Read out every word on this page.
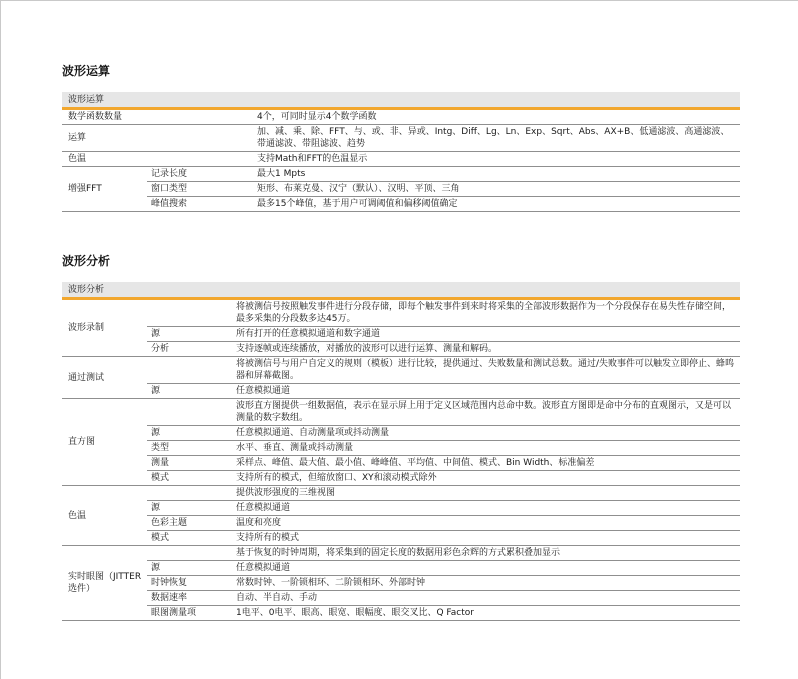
波形运算
波形运算		
数学函数数量		4个，可同时显示4个数学函数
运算		加、减、乘、除、FFT、与、或、非、异或、Intg、Diff、Lg、Ln、Exp、Sqrt、Abs、AX+B、低通滤波、高通滤波、带通滤波、带阻滤波、趋势
色温		支持Math和FFT的色温显示
增强FFT	记录长度	最大1 Mpts
	窗口类型	矩形、布莱克曼、汉宁（默认）、汉明、平顶、三角
	峰值搜索	最多15个峰值，基于用户可调阈值和偏移阈值确定
波形分析
波形分析		
波形录制		将被测信号按照触发事件进行分段存储，即每个触发事件到来时将采集的全部波形数据作为一个分段保存在易失性存储空间，最多采集的分段数多达45万。
	源	所有打开的任意模拟通道和数字通道
	分析	支持逐帧或连续播放，对播放的波形可以进行运算、测量和解码。
通过测试		将被测信号与用户自定义的规则（模板）进行比较，提供通过、失败数量和测试总数。通过/失败事件可以触发立即停止、蜂鸣器和屏幕截图。
	源	任意模拟通道
直方图		波形直方图提供一组数据值，表示在显示屏上用于定义区域范围内总命中数。波形直方图即是命中分布的直观图示，又是可以测量的数字数组。
	源	任意模拟通道、自动测量项或抖动测量
	类型	水平、垂直、测量或抖动测量
	测量	采样点、峰值、最大值、最小值、峰峰值、平均值、中间值、模式、Bin Width、标准偏差
	模式	支持所有的模式，但缩放窗口、XY和滚动模式除外
色温		提供波形强度的三维视图
	源	任意模拟通道
	色彩主题	温度和亮度
	模式	支持所有的模式
实时眼图（JITTER选件）		基于恢复的时钟周期，将采集到的固定长度的数据用彩色余辉的方式累积叠加显示
	源	任意模拟通道
	时钟恢复	常数时钟、一阶锁相环、二阶锁相环、外部时钟
	数据速率	自动、半自动、手动
	眼图测量项	1电平、0电平、眼高、眼宽、眼幅度、眼交叉比、Q Factor
